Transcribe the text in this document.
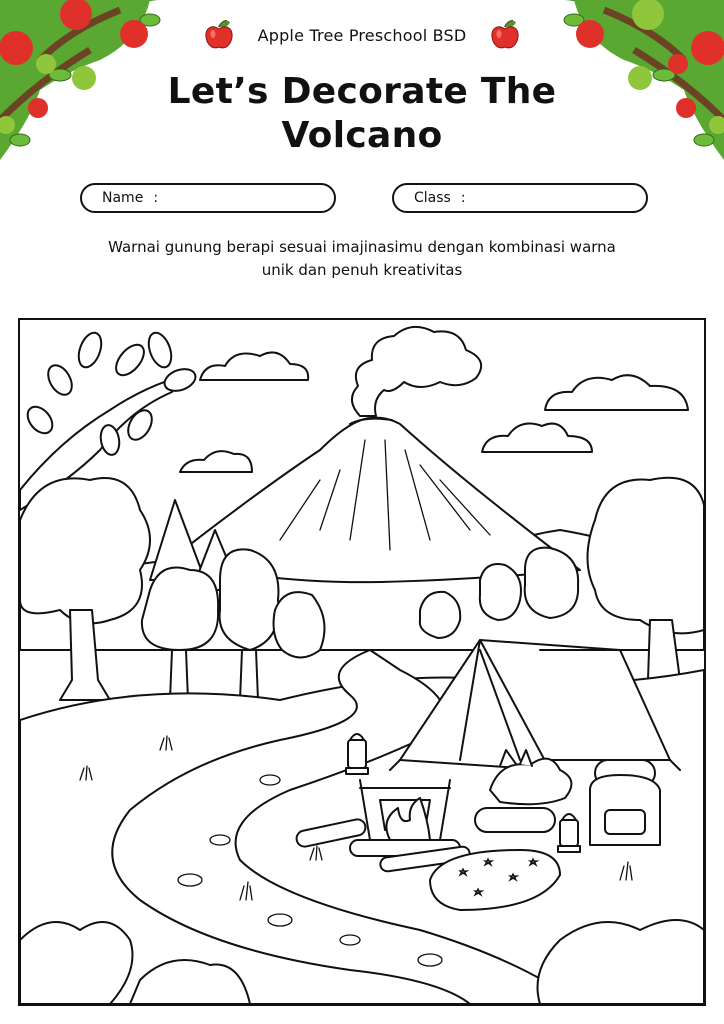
Apple Tree Preschool BSD
Let’s Decorate The
Volcano
Name :	Class :
Warnai gunung berapi sesuai imajinasimu dengan kombinasi warna
unik dan penuh kreativitas
